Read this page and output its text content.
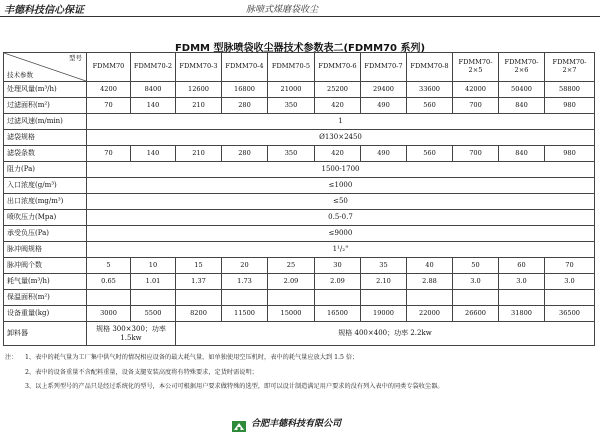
丰德科技信心保证	脉喷式煤磨袋收尘
FDMM 型脉喷袋收尘器技术参数表二(FDMM70 系列)
型号
技术参数	FDMM70	FDMM70-2	FDMM70-3	FDMM70-4	FDMM70-5	FDMM70-6	FDMM70-7	FDMM70-8	FDMM70-2×5	FDMM70-2×6	FDMM70-2×7
处理风量(m³/h)	4200	8400	12600	16800	21000	25200	29400	33600	42000	50400	58800
过滤面积(m²)	70	140	210	280	350	420	490	560	700	840	980
过滤风速(m/min)	1										
滤袋规格	Ø130×2450										
滤袋条数	70	140	210	280	350	420	490	560	700	840	980
阻力(Pa)	1500-1700										
入口浓度(g/m³)	≤1000										
出口浓度(mg/m³)	≤50										
喷吹压力(Mpa)	0.5-0.7										
承受负压(Pa)	≤9000										
脉冲阀规格	1¹/₂"										
脉冲阀个数	5	10	15	20	25	30	35	40	50	60	70
耗气量(m³/h)	0.65	1.01	1.37	1.73	2.09	2.09	2.10	2.88	3.0	3.0	3.0
保温面积(m²)											
设备重量(kg)	3000	5500	8200	11500	15000	16500	19000	22000	26600	31800	36500
卸料器	规格 300×300；功率 1.5kw		规格 400×400；功率 2.2kw								
注： 1、表中的耗气量为工厂集中供气时的情况相应设备的最大耗气量，如单独使用空压机时，表中的耗气量应放大到 1.5 倍；
2、表中的设备重量不含配料重量，设备支腿安装高度将有特殊要求，定货时需说明；
3、以上系列型号的产品只是经过系统化的型号，本公司可根据用户要求做特殊的选型，即可以设计制造满足用户要求的没有列入表中的同类专袋收尘器。
合肥丰德科技有限公司
